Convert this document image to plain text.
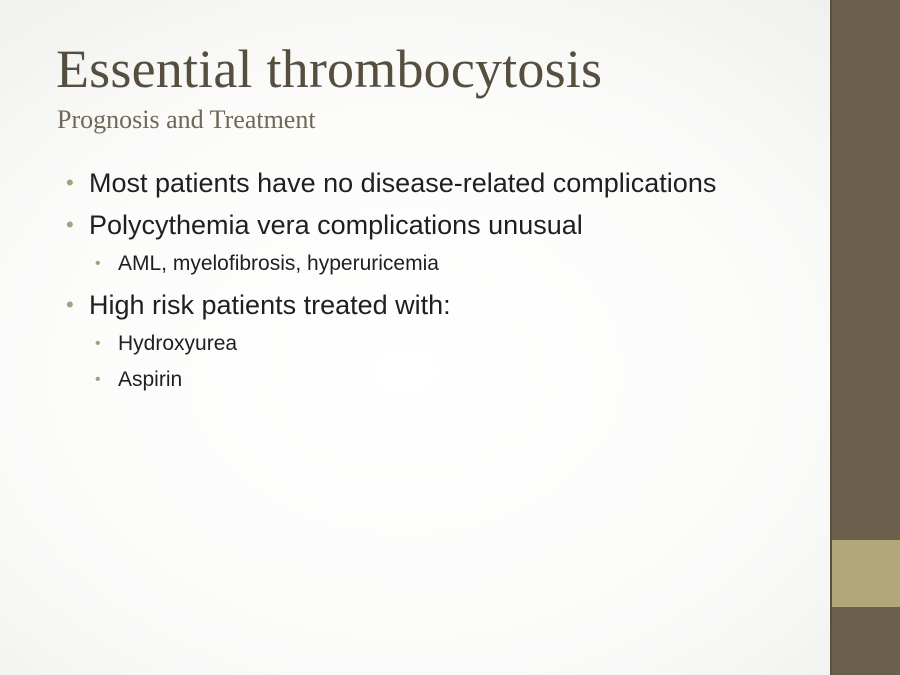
Essential thrombocytosis
Prognosis and Treatment
• Most patients have no disease-related complications
• Polycythemia vera complications unusual
• AML, myelofibrosis, hyperuricemia
• High risk patients treated with:
• Hydroxyurea
• Aspirin
